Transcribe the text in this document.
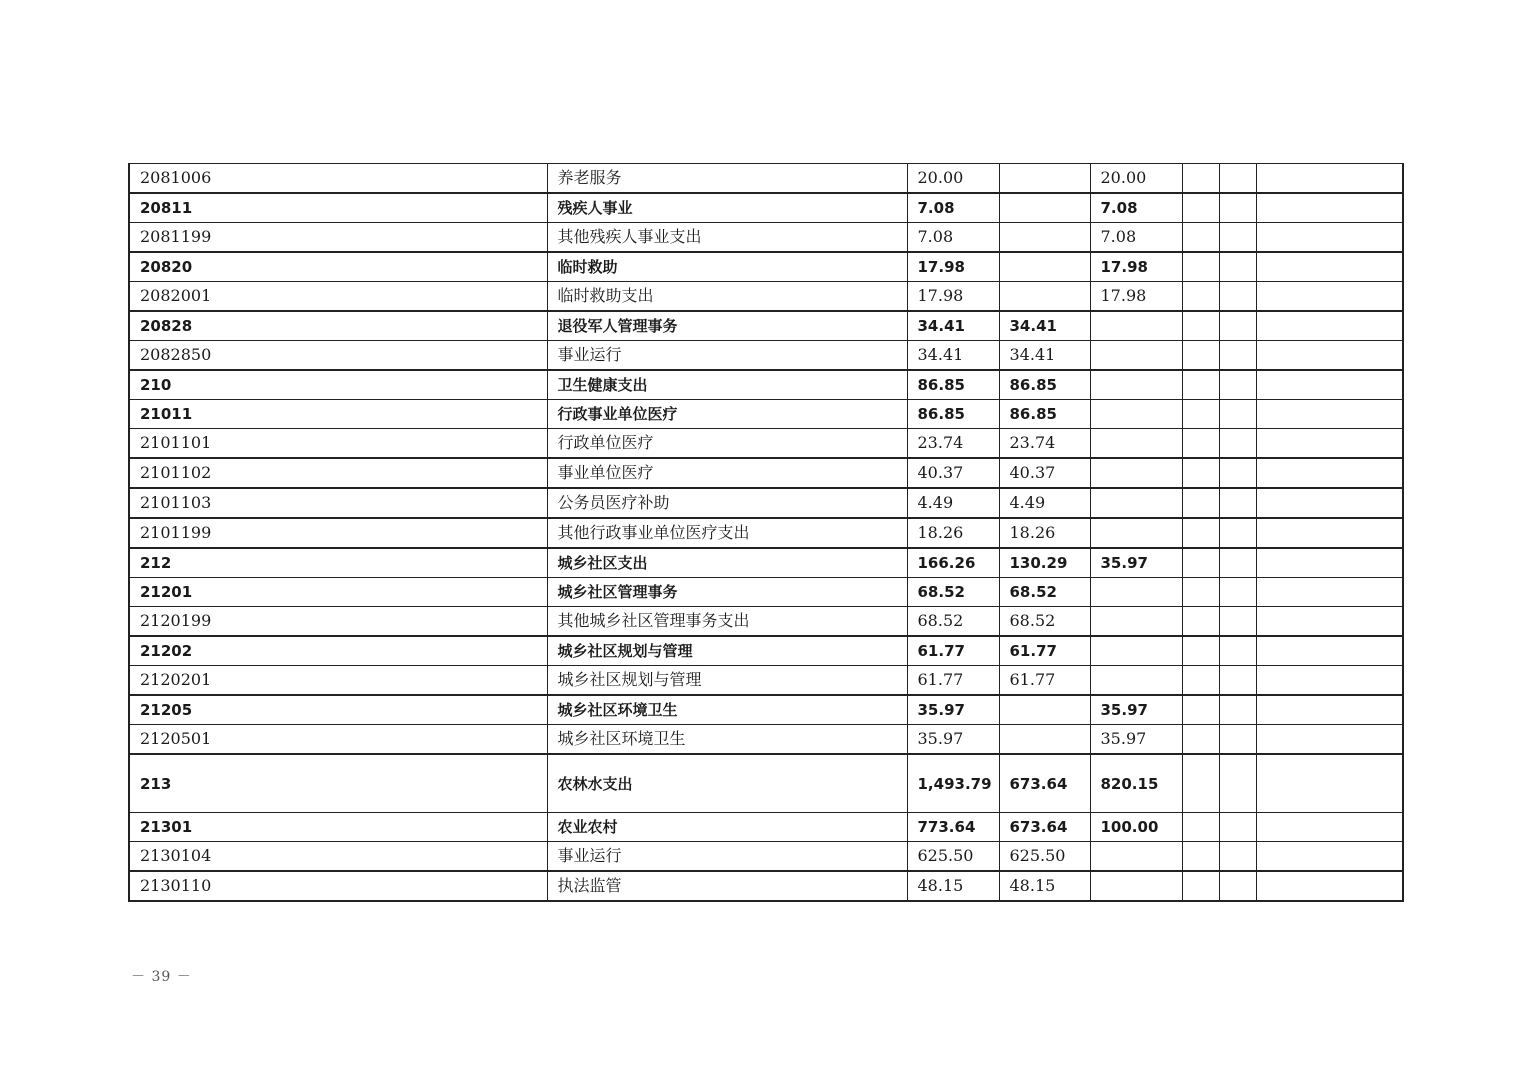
2081006	养老服务	20.00		20.00			
20811	残疾人事业	7.08		7.08			
2081199	其他残疾人事业支出	7.08		7.08			
20820	临时救助	17.98		17.98			
2082001	临时救助支出	17.98		17.98			
20828	退役军人管理事务	34.41	34.41				
2082850	事业运行	34.41	34.41				
210	卫生健康支出	86.85	86.85				
21011	行政事业单位医疗	86.85	86.85				
2101101	行政单位医疗	23.74	23.74				
2101102	事业单位医疗	40.37	40.37				
2101103	公务员医疗补助	4.49	4.49				
2101199	其他行政事业单位医疗支出	18.26	18.26				
212	城乡社区支出	166.26	130.29	35.97			
21201	城乡社区管理事务	68.52	68.52				
2120199	其他城乡社区管理事务支出	68.52	68.52				
21202	城乡社区规划与管理	61.77	61.77				
2120201	城乡社区规划与管理	61.77	61.77				
21205	城乡社区环境卫生	35.97		35.97			
2120501	城乡社区环境卫生	35.97		35.97			
213	农林水支出	1,493.79	673.64	820.15			
21301	农业农村	773.64	673.64	100.00			
2130104	事业运行	625.50	625.50				
2130110	执法监管	48.15	48.15				
－ 39 －
